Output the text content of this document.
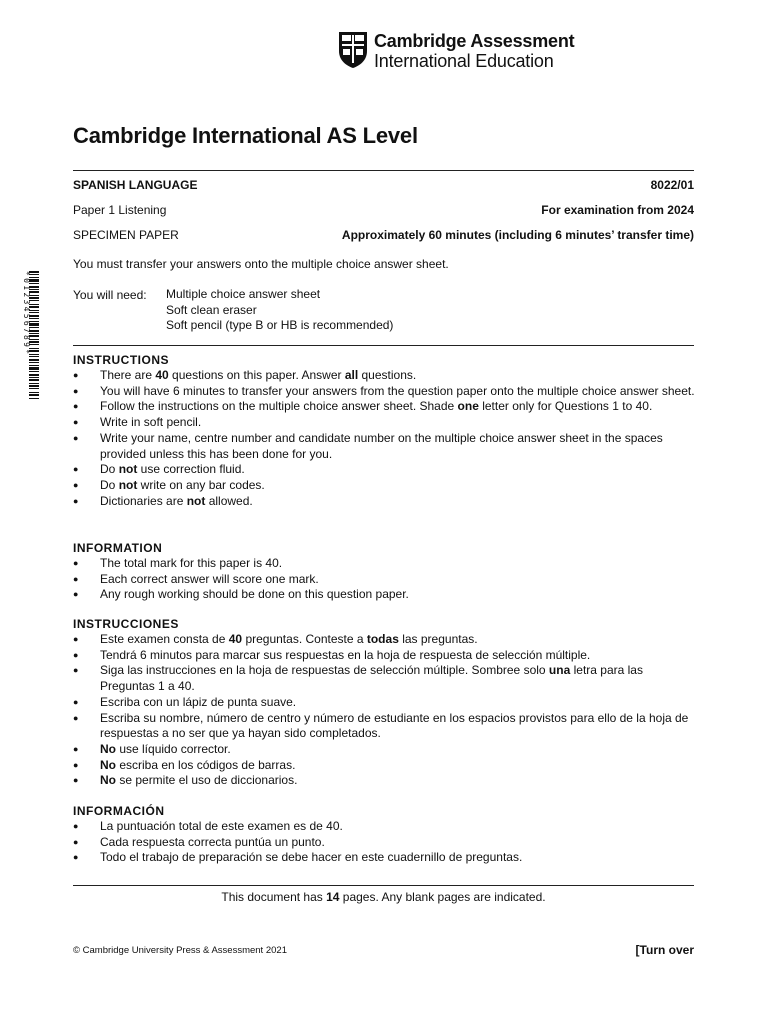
Cambridge Assessment
International Education
Cambridge International AS Level
SPANISH LANGUAGE	8022/01
Paper 1 Listening	For examination from 2024
SPECIMEN PAPER	Approximately 60 minutes (including 6 minutes’ transfer time)
You must transfer your answers onto the multiple choice answer sheet.
You will need: Multiple choice answer sheet
Soft clean eraser
Soft pencil (type B or HB is recommended)
*0123456789*
INSTRUCTIONS
● There are 40 questions on this paper. Answer all questions.
● You will have 6 minutes to transfer your answers from the question paper onto the multiple choice answer sheet.
● Follow the instructions on the multiple choice answer sheet. Shade one letter only for Questions 1 to 40.
● Write in soft pencil.
● Write your name, centre number and candidate number on the multiple choice answer sheet in the spaces provided unless this has been done for you.
● Do not use correction fluid.
● Do not write on any bar codes.
● Dictionaries are not allowed.
INFORMATION
● The total mark for this paper is 40.
● Each correct answer will score one mark.
● Any rough working should be done on this question paper.
INSTRUCCIONES
● Este examen consta de 40 preguntas. Conteste a todas las preguntas.
● Tendrá 6 minutos para marcar sus respuestas en la hoja de respuesta de selección múltiple.
● Siga las instrucciones en la hoja de respuestas de selección múltiple. Sombree solo una letra para las Preguntas 1 a 40.
● Escriba con un lápiz de punta suave.
● Escriba su nombre, número de centro y número de estudiante en los espacios provistos para ello de la hoja de respuestas a no ser que ya hayan sido completados.
● No use líquido corrector.
● No escriba en los códigos de barras.
● No se permite el uso de diccionarios.
INFORMACIÓN
● La puntuación total de este examen es de 40.
● Cada respuesta correcta puntúa un punto.
● Todo el trabajo de preparación se debe hacer en este cuadernillo de preguntas.
This document has 14 pages. Any blank pages are indicated.
© Cambridge University Press & Assessment 2021	[Turn over
